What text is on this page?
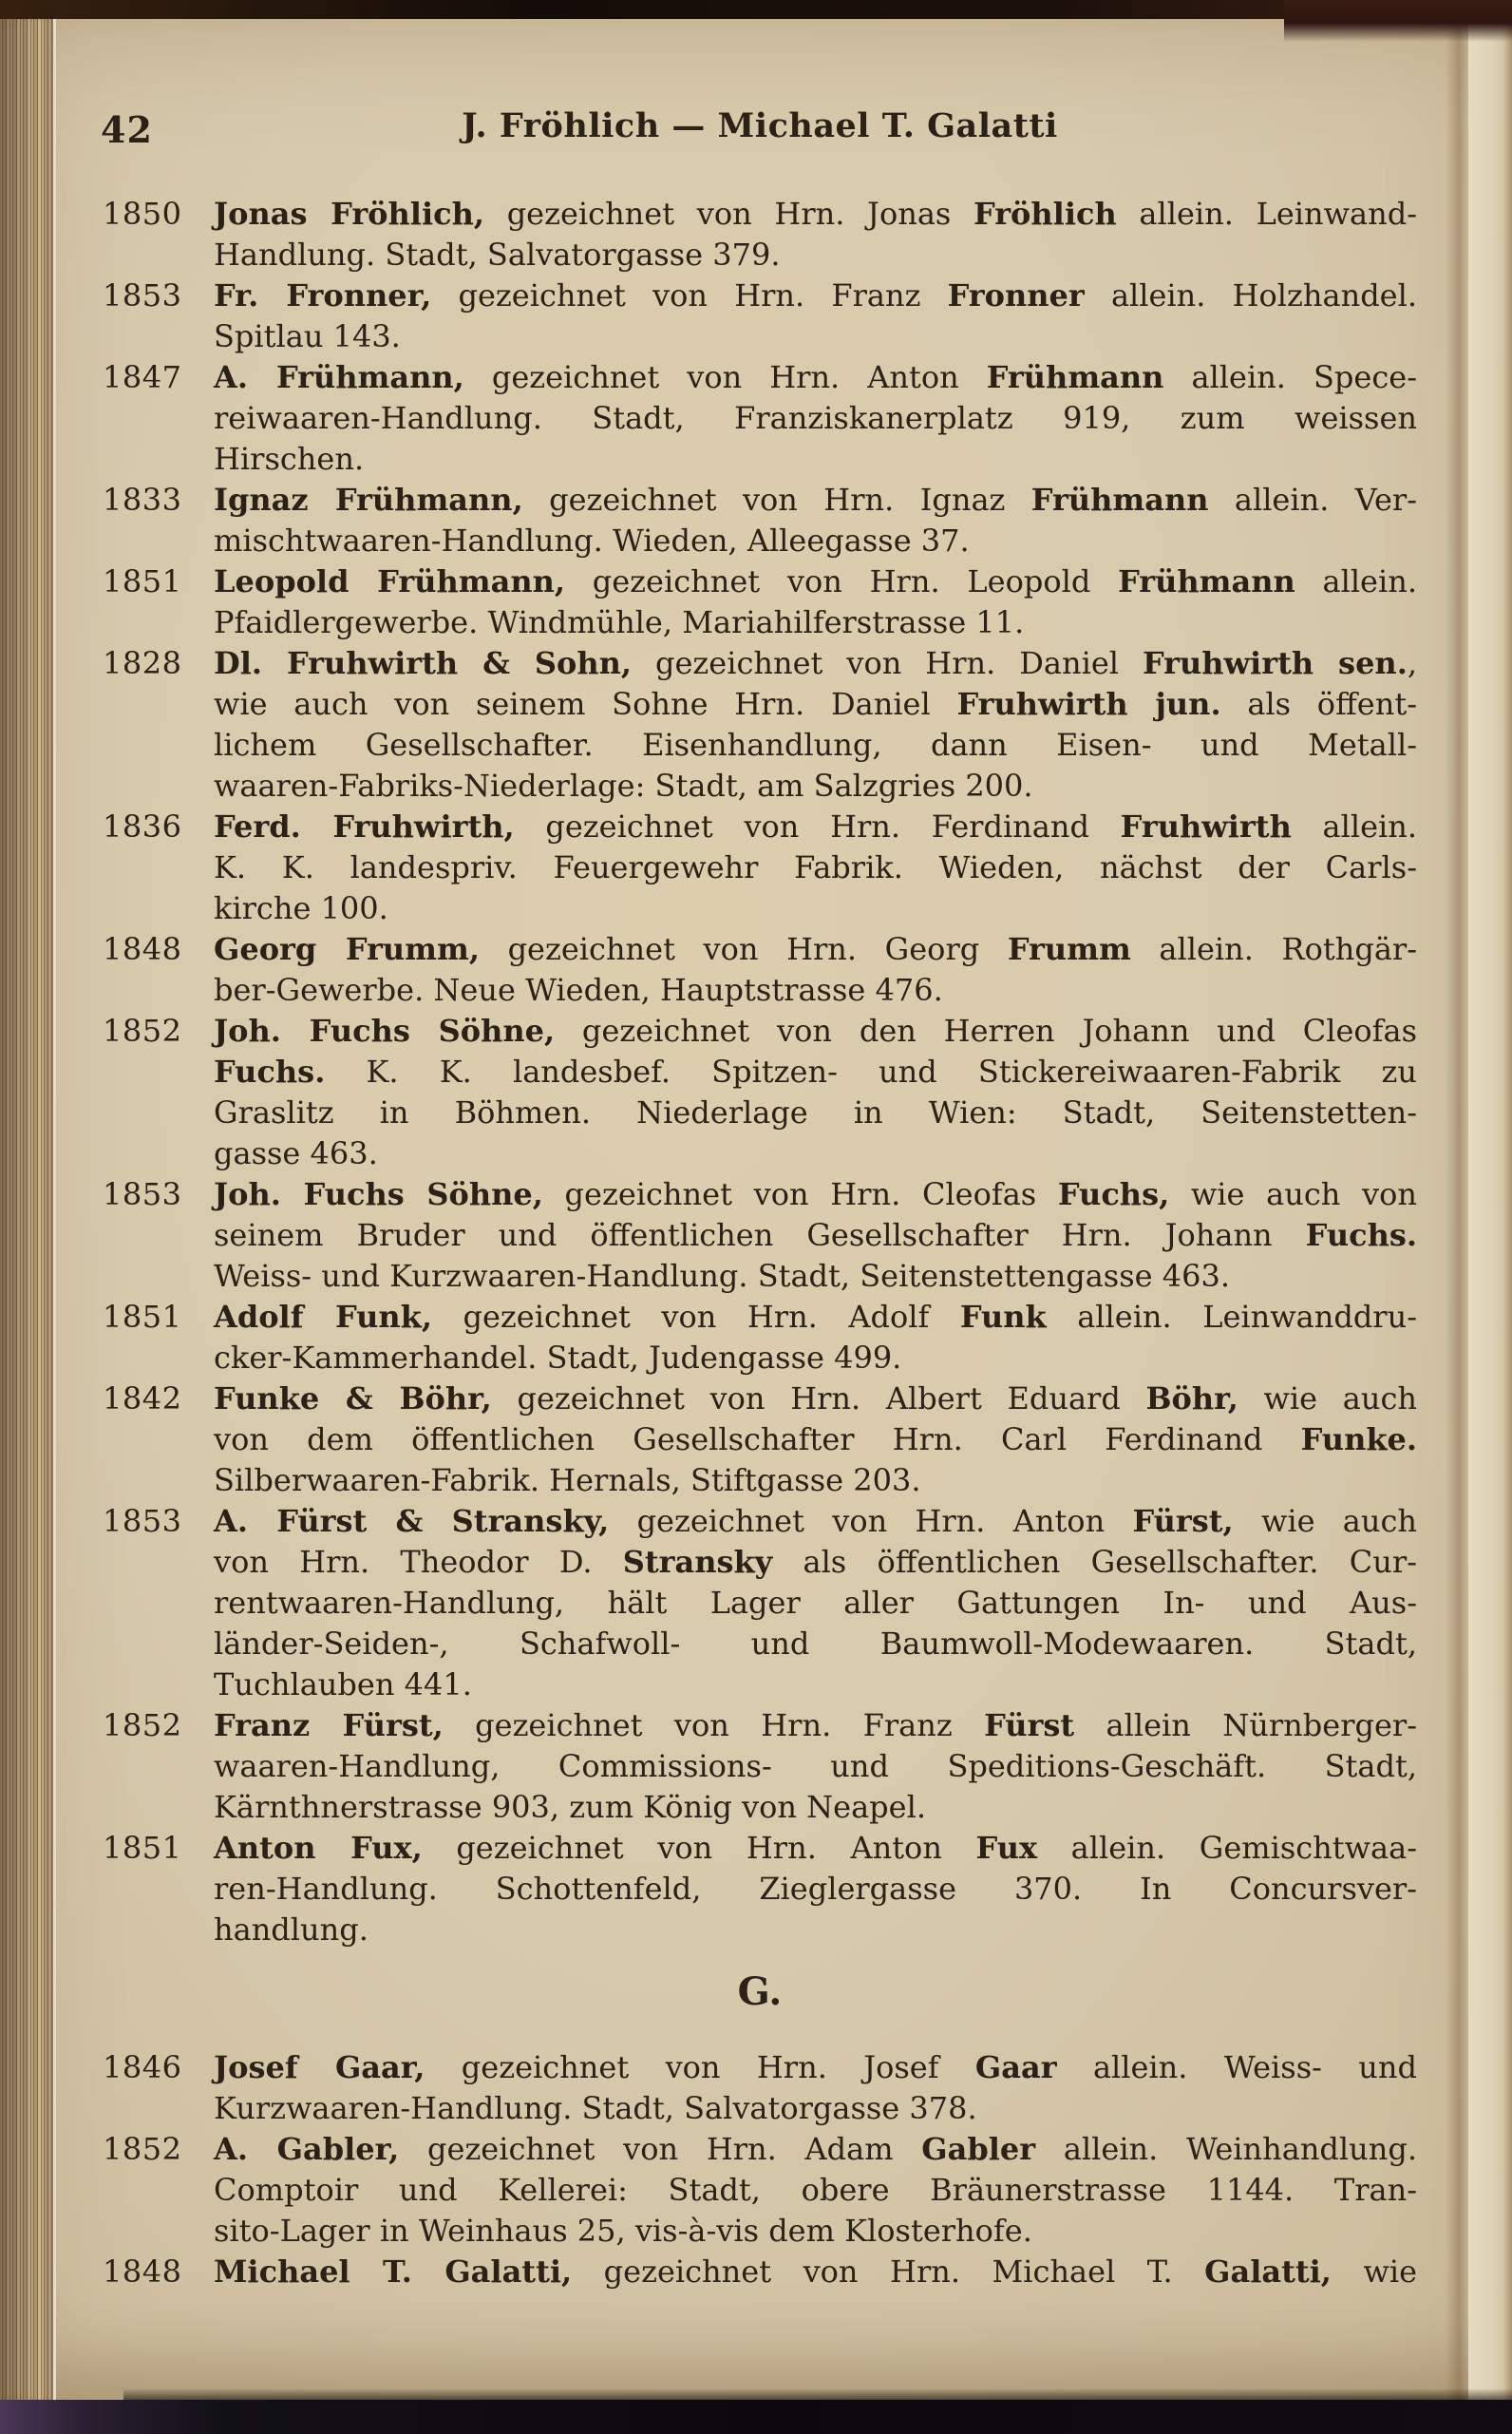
42	J. Fröhlich — Michael T. Galatti
1850	Jonas Fröhlich, gezeichnet von Hrn. Jonas Fröhlich allein. Leinwand-
Handlung. Stadt, Salvatorgasse 379.
1853	Fr. Fronner, gezeichnet von Hrn. Franz Fronner allein. Holzhandel.
Spitlau 143.
1847	A. Frühmann, gezeichnet von Hrn. Anton Frühmann allein. Spece-
reiwaaren-Handlung. Stadt, Franziskanerplatz 919, zum weissen
Hirschen.
1833	Ignaz Frühmann, gezeichnet von Hrn. Ignaz Frühmann allein. Ver-
mischtwaaren-Handlung. Wieden, Alleegasse 37.
1851	Leopold Frühmann, gezeichnet von Hrn. Leopold Frühmann allein.
Pfaidlergewerbe. Windmühle, Mariahilferstrasse 11.
1828	Dl. Fruhwirth & Sohn, gezeichnet von Hrn. Daniel Fruhwirth sen.,
wie auch von seinem Sohne Hrn. Daniel Fruhwirth jun. als öffent-
lichem Gesellschafter. Eisenhandlung, dann Eisen- und Metall-
waaren-Fabriks-Niederlage: Stadt, am Salzgries 200.
1836	Ferd. Fruhwirth, gezeichnet von Hrn. Ferdinand Fruhwirth allein.
K. K. landespriv. Feuergewehr Fabrik. Wieden, nächst der Carls-
kirche 100.
1848	Georg Frumm, gezeichnet von Hrn. Georg Frumm allein. Rothgär-
ber-Gewerbe. Neue Wieden, Hauptstrasse 476.
1852	Joh. Fuchs Söhne, gezeichnet von den Herren Johann und Cleofas
Fuchs. K. K. landesbef. Spitzen- und Stickereiwaaren-Fabrik zu
Graslitz in Böhmen. Niederlage in Wien: Stadt, Seitenstetten-
gasse 463.
1853	Joh. Fuchs Söhne, gezeichnet von Hrn. Cleofas Fuchs, wie auch von
seinem Bruder und öffentlichen Gesellschafter Hrn. Johann Fuchs.
Weiss- und Kurzwaaren-Handlung. Stadt, Seitenstettengasse 463.
1851	Adolf Funk, gezeichnet von Hrn. Adolf Funk allein. Leinwanddru-
cker-Kammerhandel. Stadt, Judengasse 499.
1842	Funke & Böhr, gezeichnet von Hrn. Albert Eduard Böhr, wie auch
von dem öffentlichen Gesellschafter Hrn. Carl Ferdinand Funke.
Silberwaaren-Fabrik. Hernals, Stiftgasse 203.
1853	A. Fürst & Stransky, gezeichnet von Hrn. Anton Fürst, wie auch
von Hrn. Theodor D. Stransky als öffentlichen Gesellschafter. Cur-
rentwaaren-Handlung, hält Lager aller Gattungen In- und Aus-
länder-Seiden-, Schafwoll- und Baumwoll-Modewaaren. Stadt,
Tuchlauben 441.
1852	Franz Fürst, gezeichnet von Hrn. Franz Fürst allein Nürnberger-
waaren-Handlung, Commissions- und Speditions-Geschäft. Stadt,
Kärnthnerstrasse 903, zum König von Neapel.
1851	Anton Fux, gezeichnet von Hrn. Anton Fux allein. Gemischtwaa-
ren-Handlung. Schottenfeld, Zieglergasse 370. In Concursver-
handlung.
G.
1846	Josef Gaar, gezeichnet von Hrn. Josef Gaar allein. Weiss- und
Kurzwaaren-Handlung. Stadt, Salvatorgasse 378.
1852	A. Gabler, gezeichnet von Hrn. Adam Gabler allein. Weinhandlung.
Comptoir und Kellerei: Stadt, obere Bräunerstrasse 1144. Tran-
sito-Lager in Weinhaus 25, vis-à-vis dem Klosterhofe.
1848	Michael T. Galatti, gezeichnet von Hrn. Michael T. Galatti, wie
